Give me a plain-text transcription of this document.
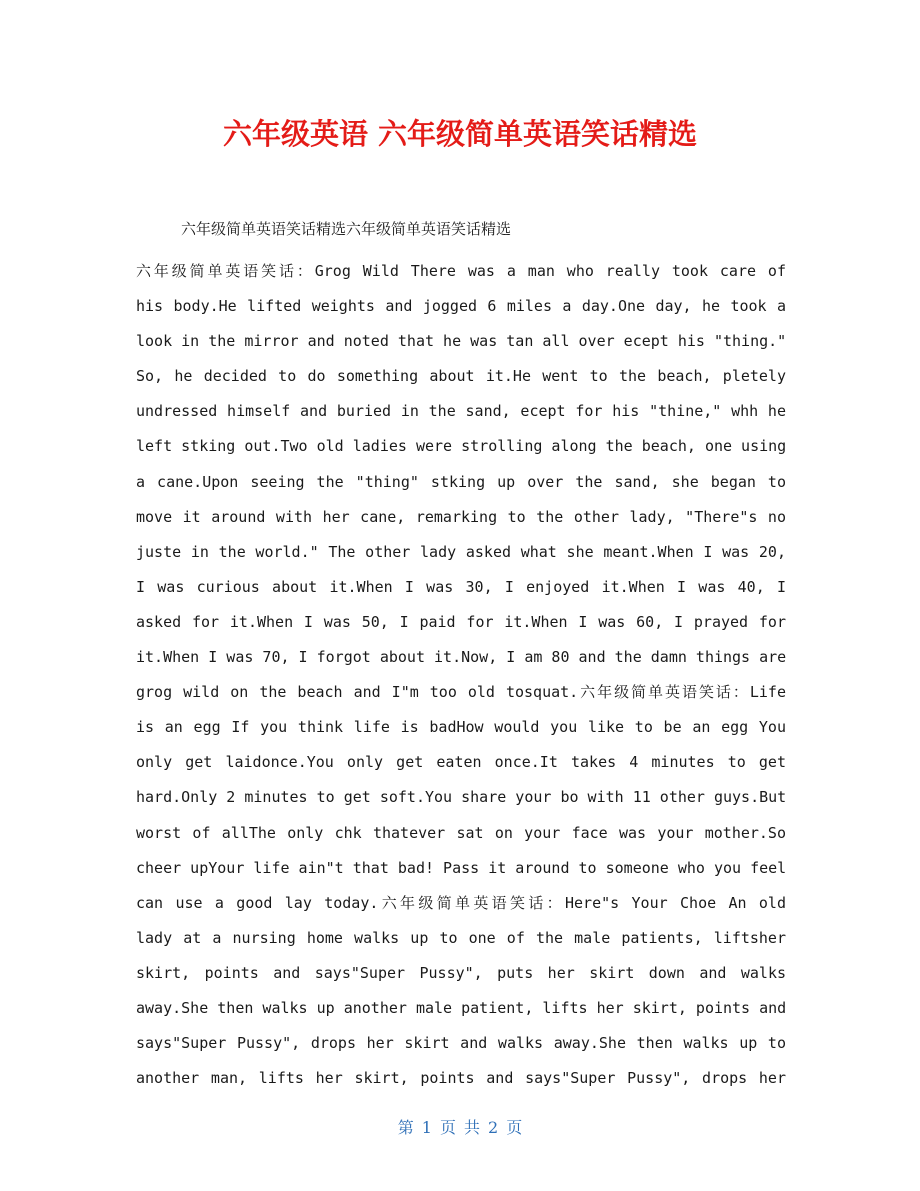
六年级英语 六年级简单英语笑话精选

六年级简单英语笑话精选六年级简单英语笑话精选

六年级简单英语笑话：Grog Wild There was a man who really took care of
his body.He lifted weights and jogged 6 miles a day.One day, he took a
look in the mirror and noted that he was tan all over ecept his "thing."
So, he decided to do something about it.He went to the beach, pletely
undressed himself and buried in the sand, ecept for his "thine," whh he
left stking out.Two old ladies were strolling along the beach, one using
a cane.Upon seeing the "thing" stking up over the sand, she began to
move it around with her cane, remarking to the other lady, "There"s no
juste in the world." The other lady asked what she meant.When I was 20,
I was curious about it.When I was 30, I enjoyed it.When I was 40, I
asked for it.When I was 50, I paid for it.When I was 60, I prayed for
it.When I was 70, I forgot about it.Now, I am 80 and the damn things are
grog wild on the beach and I"m too old tosquat.六年级简单英语笑话：Life
is an egg If you think life is badHow would you like to be an egg You
only get laidonce.You only get eaten once.It takes 4 minutes to get
hard.Only 2 minutes to get soft.You share your bo with 11 other guys.But
worst of allThe only chk thatever sat on your face was your mother.So
cheer upYour life ain"t that bad! Pass it around to someone who you feel
can use a good lay today.六年级简单英语笑话：Here"s Your Choe An old
lady at a nursing home walks up to one of the male patients, liftsher
skirt, points and says"Super Pussy", puts her skirt down and walks
away.She then walks up another male patient, lifts her skirt, points and
says"Super Pussy", drops her skirt and walks away.She then walks up to
another man, lifts her skirt, points and says"Super Pussy", drops her
第 1 页 共 2 页
